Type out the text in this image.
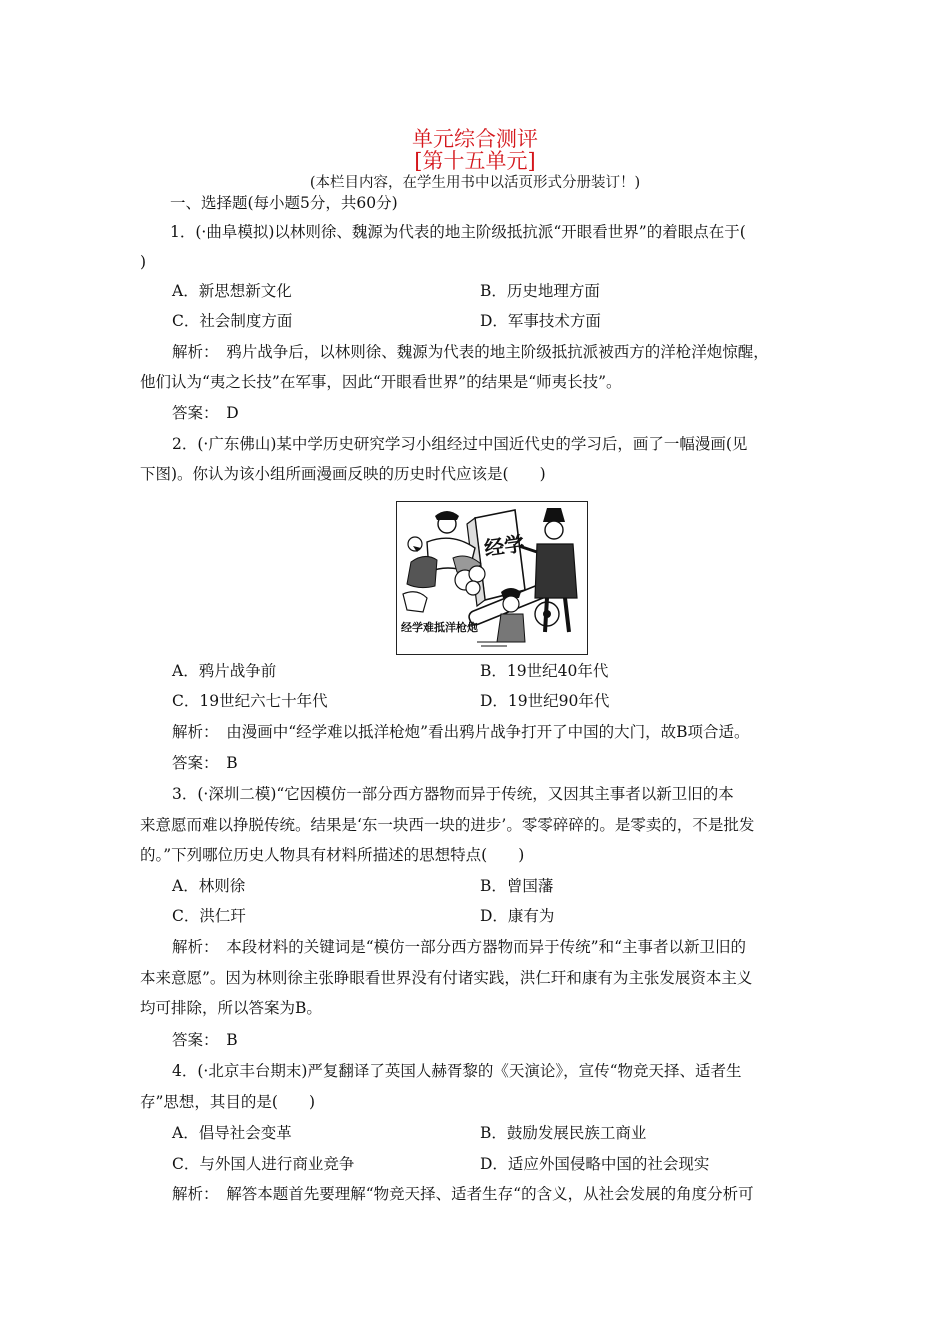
单元综合测评
[第十五单元]
(本栏目内容，在学生用书中以活页形式分册装订！)
一、选择题(每小题5分，共60分)
1．(·曲阜模拟)以林则徐、魏源为代表的地主阶级抵抗派“开眼看世界”的着眼点在于(
)
A．新思想新文化	B．历史地理方面
C．社会制度方面	D．军事技术方面
解析：　鸦片战争后，以林则徐、魏源为代表的地主阶级抵抗派被西方的洋枪洋炮惊醒，
他们认为“夷之长技”在军事，因此“开眼看世界”的结果是“师夷长技”。
答案：　D
2．(·广东佛山)某中学历史研究学习小组经过中国近代史的学习后，画了一幅漫画(见
下图)。你认为该小组所画漫画反映的历史时代应该是(　　)
经学
经学难抵洋枪炮
A．鸦片战争前	B．19世纪40年代
C．19世纪六七十年代	D．19世纪90年代
解析：　由漫画中“经学难以抵洋枪炮”看出鸦片战争打开了中国的大门，故B项合适。
答案：　B
3．(·深圳二模)“它因模仿一部分西方器物而异于传统，又因其主事者以新卫旧的本
来意愿而难以挣脱传统。结果是‘东一块西一块的进步’。零零碎碎的。是零卖的，不是批发
的。”下列哪位历史人物具有材料所描述的思想特点(　　)
A．林则徐	B．曾国藩
C．洪仁玕	D．康有为
解析：　本段材料的关键词是“模仿一部分西方器物而异于传统”和“主事者以新卫旧的
本来意愿”。因为林则徐主张睁眼看世界没有付诸实践，洪仁玕和康有为主张发展资本主义
均可排除，所以答案为B。
答案：　B
4．(·北京丰台期末)严复翻译了英国人赫胥黎的《天演论》，宣传“物竞天择、适者生
存”思想，其目的是(　　)
A．倡导社会变革	B．鼓励发展民族工商业
C．与外国人进行商业竞争	D．适应外国侵略中国的社会现实
解析：　解答本题首先要理解“物竞天择、适者生存“的含义，从社会发展的角度分析可
